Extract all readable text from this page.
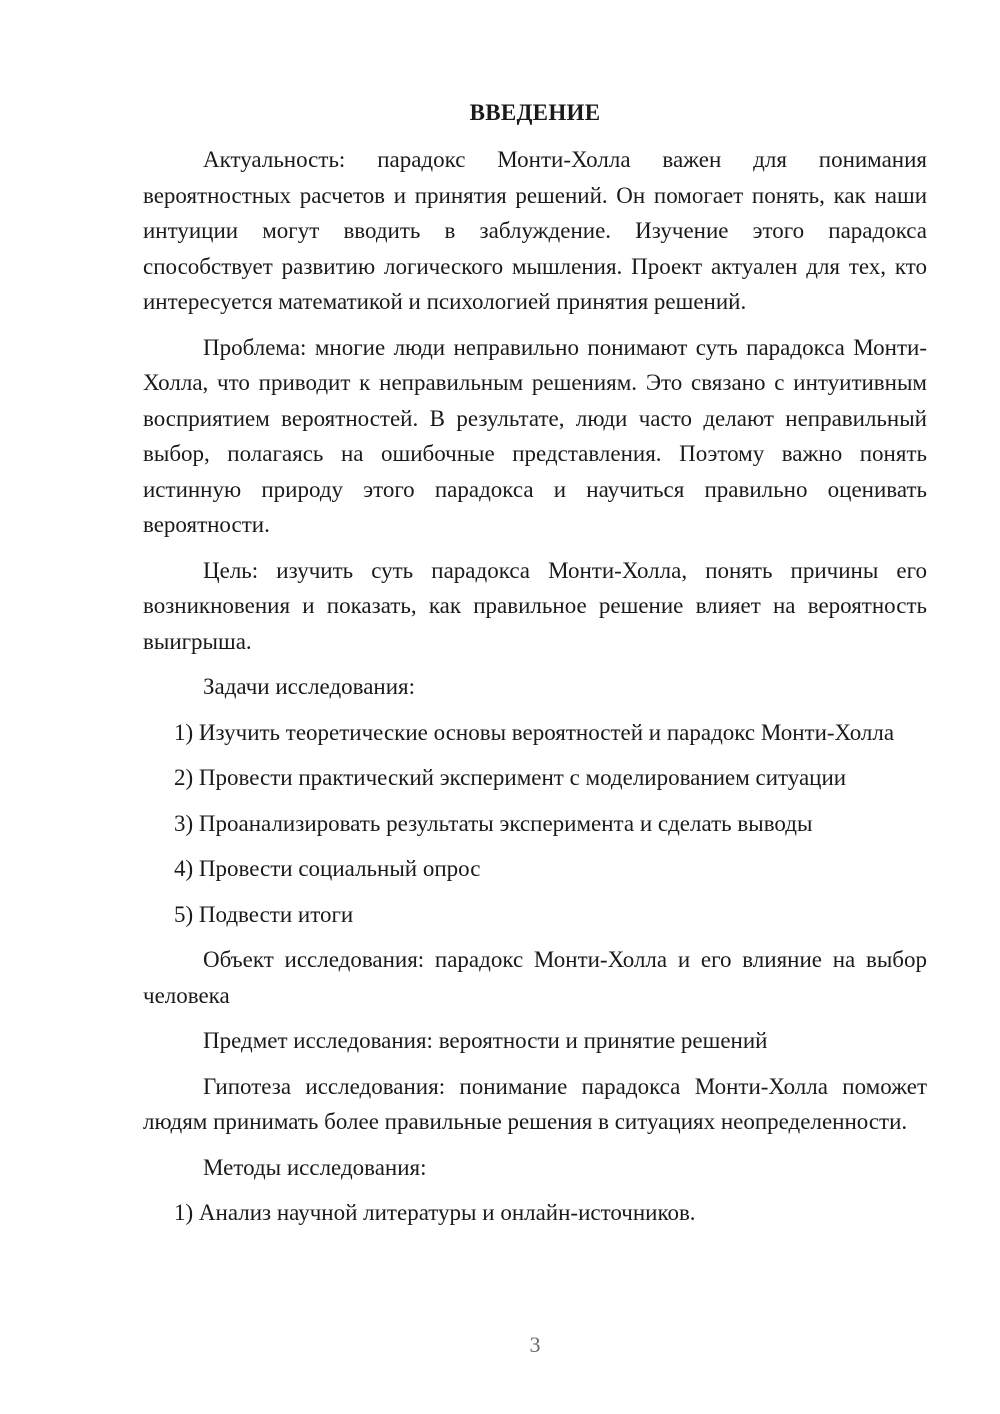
ВВЕДЕНИЕ

Актуальность: парадокс Монти-Холла важен для понимания вероятностных расчетов и принятия решений. Он помогает понять, как наши интуиции могут вводить в заблуждение. Изучение этого парадокса способствует развитию логического мышления. Проект актуален для тех, кто интересуется математикой и психологией принятия решений.

Проблема: многие люди неправильно понимают суть парадокса Монти-Холла, что приводит к неправильным решениям. Это связано с интуитивным восприятием вероятностей. В результате, люди часто делают неправильный выбор, полагаясь на ошибочные представления. Поэтому важно понять истинную природу этого парадокса и научиться правильно оценивать вероятности.

Цель: изучить суть парадокса Монти-Холла, понять причины его возникновения и показать, как правильное решение влияет на вероятность выигрыша.

Задачи исследования:

1) Изучить теоретические основы вероятностей и парадокс Монти-Холла

2) Провести практический эксперимент с моделированием ситуации

3) Проанализировать результаты эксперимента и сделать выводы

4) Провести социальный опрос

5) Подвести итоги

Объект исследования: парадокс Монти-Холла и его влияние на выбор человека

Предмет исследования: вероятности и принятие решений

Гипотеза исследования: понимание парадокса Монти-Холла поможет людям принимать более правильные решения в ситуациях неопределенности.

Методы исследования:

1) Анализ научной литературы и онлайн-источников.

3
